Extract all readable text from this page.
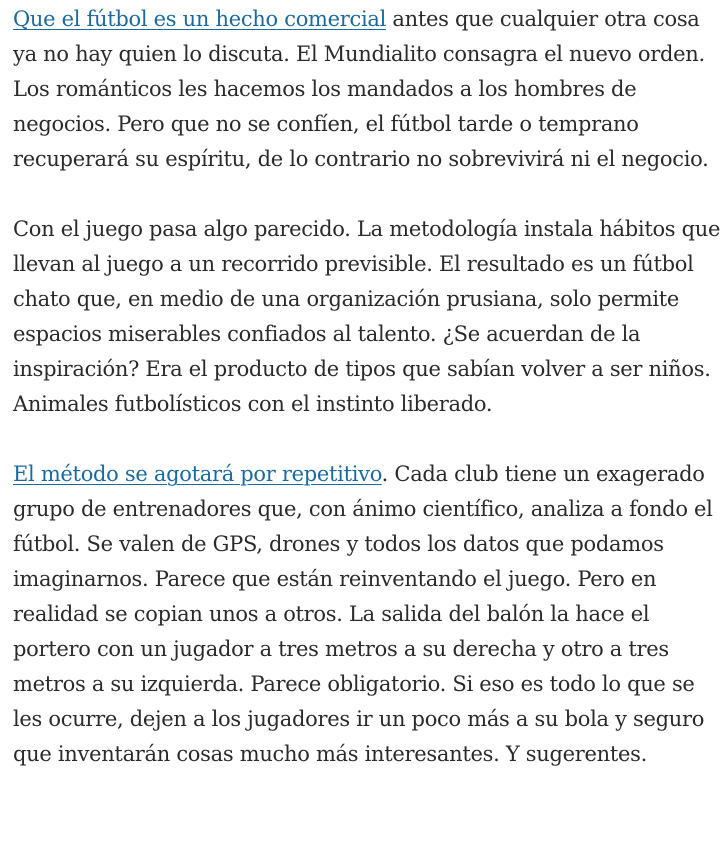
Que el fútbol es un hecho comercial antes que cualquier otra cosa ya no hay quien lo discuta. El Mundialito consagra el nuevo orden. Los románticos les hacemos los mandados a los hombres de negocios. Pero que no se confíen, el fútbol tarde o temprano recuperará su espíritu, de lo contrario no sobrevivirá ni el negocio.

Con el juego pasa algo parecido. La metodología instala hábitos que llevan al juego a un recorrido previsible. El resultado es un fútbol chato que, en medio de una organización prusiana, solo permite espacios miserables confiados al talento. ¿Se acuerdan de la inspiración? Era el producto de tipos que sabían volver a ser niños. Animales futbolísticos con el instinto liberado.

El método se agotará por repetitivo. Cada club tiene un exagerado grupo de entrenadores que, con ánimo científico, analiza a fondo el fútbol. Se valen de GPS, drones y todos los datos que podamos imaginarnos. Parece que están reinventando el juego. Pero en realidad se copian unos a otros. La salida del balón la hace el portero con un jugador a tres metros a su derecha y otro a tres metros a su izquierda. Parece obligatorio. Si eso es todo lo que se les ocurre, dejen a los jugadores ir un poco más a su bola y seguro que inventarán cosas mucho más interesantes. Y sugerentes.
